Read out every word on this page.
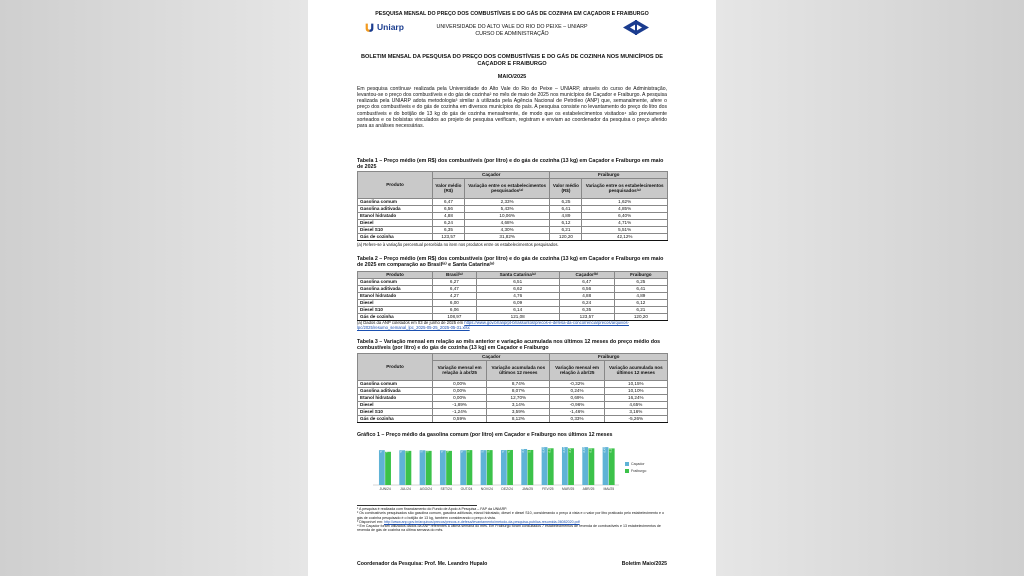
Uniarp
PESQUISA MENSAL DO PREÇO DOS COMBUSTÍVEIS E DO GÁS DE COZINHA EM CAÇADOR E FRAIBURGO
UNIVERSIDADE DO ALTO VALE DO RIO DO PEIXE – UNIARP
CURSO DE ADMINISTRAÇÃO
BOLETIM MENSAL DA PESQUISA DO PREÇO DOS COMBUSTÍVEIS E DO GÁS DE COZINHA NOS MUNICÍPIOS DE CAÇADOR E FRAIBURGO
MAIO/2025
Em pesquisa contínua¹ realizada pela Universidade do Alto Vale do Rio do Peixe – UNIARP, através do curso de Administração, levantou-se o preço dos combustíveis e do gás de cozinha² no mês de maio de 2025 nos municípios de Caçador e Fraiburgo. A pesquisa realizada pela UNIARP adota metodologia³ similar à utilizada pela Agência Nacional de Petróleo (ANP) que, semanalmente, afere o preço dos combustíveis e do gás de cozinha em diversos municípios do país. A pesquisa consiste no levantamento do preço do litro dos combustíveis e do botijão de 13 kg do gás de cozinha mensalmente, de modo que os estabelecimentos visitados⁴ são previamente sorteados e os bolsistas vinculados ao projeto de pesquisa verificam, registram e enviam ao coordenador da pesquisa o preço aferido para as análises necessárias.
Tabela 1 – Preço médio (em R$) dos combustíveis (por litro) e do gás de cozinha (13 kg) em Caçador e Fraiburgo em maio de 2025
Produto	Caçador		Fraiburgo	
	Valor médio (R$)	Variação entre os estabelecimentos pesquisados⁽ᵃ⁾	Valor médio (R$)	Variação entre os estabelecimentos pesquisados⁽ᵃ⁾
Gasolina comum	6,47	2,33%	6,25	1,62%
Gasolina aditivada	6,56	5,43%	6,41	4,85%
Etanol hidratado	4,88	10,06%	4,89	6,40%
Diesel	6,24	4,68%	6,12	4,71%
Diesel S10	6,35	4,30%	6,21	5,51%
Gás de cozinha	123,57	31,82%	120,20	42,12%
(a) Refere-se à variação percentual percebida no item nos produtos entre os estabelecimentos pesquisados.
Tabela 2 – Preço médio (em R$) dos combustíveis (por litro) e do gás de cozinha (13 kg) em Caçador e Fraiburgo em maio de 2025 em comparação ao Brasil⁽ᵃ⁾ e Santa Catarina⁽ᵃ⁾
Produto	Brasil⁽ᵃ⁾	Santa Catarina⁽ᵃ⁾	Caçador⁽ᵇ⁾	Fraiburgo
Gasolina comum	6,27	6,51	6,47	6,25
Gasolina aditivada	6,47	6,62	6,56	6,41
Etanol hidratado	4,27	4,76	4,88	4,89
Diesel	6,00	6,09	6,24	6,12
Diesel S10	6,06	6,14	6,35	6,21
Gás de cozinha	108,97	121,08	123,57	120,20
(a) Dados da ANP coletados em 03 de junho de 2025 em https://www.gov.br/anp/pt-br/assuntos/precos-e-defesa-da-concorrencia/precos/arquivos-lpc/2025/resumo_semanal_lpc_2025-05-25_2025-05-31.xlsx
Tabela 3 – Variação mensal em relação ao mês anterior e variação acumulada nos últimos 12 meses do preço médio dos combustíveis (por litro) e do gás de cozinha (13 kg) em Caçador e Fraiburgo
Produto	Caçador		Fraiburgo	
	Variação mensal em relação à abr/25	Variação acumulada nos últimos 12 meses	Variação mensal em relação à abr/25	Variação acumulada nos últimos 12 meses
Gasolina comum	0,00%	8,74%	-0,32%	10,15%
Gasolina aditivada	0,00%	8,07%	0,24%	10,10%
Etanol hidratado	0,00%	12,70%	0,69%	16,24%
Diesel	-1,89%	3,14%	-0,96%	4,65%
Diesel S10	-1,24%	3,59%	-1,46%	3,16%
Gás de cozinha	0,59%	8,12%	0,33%	-5,26%
Gráfico 1 – Preço médio da gasolina comum (por litro) em Caçador e Fraiburgo nos últimos 12 meses
5,95 5,67
JUN/24
5,93 5,83
JUL/24
5,93 5,83
AGO/24
5,93 5,83
SET/24
5,93 5,96
OUT/24
5,95 5,96
NOV/24
5,96 5,98
DEZ/24
6,15 5,98
JAN/25
6,47 6,27
FEV/25
6,47 6,27
MAR/25
6,47 6,27
ABR/25
6,47 6,25
MAI/25
Caçador
Fraiburgo
¹ A pesquisa é realizada com financiamento do Fundo de Apoio à Pesquisa – FAP da UNIARP.
² Os combustíveis pesquisados são gasolina comum, gasolina aditivada, etanol hidratado, diesel e diesel S10, considerando o preço à vista e o valor por litro praticado pelo estabelecimento e o gás de cozinha pesquisado é o botijão de 13 kg, também considerando o preço à vista.
³ Disponível em: http://www.anp.gov.br/arquivos/precos/precos-e-defesa/levantamento/metodo-da-pesquisa-publica-resumida-06082020.pdf
⁴ Em Caçador foram utilizados dados da ANP referentes à última semana do mês. Em Fraiburgo foram consultados 7 estabelecimentos de revenda de combustíveis e 13 estabelecimentos de revenda de gás de cozinha na última semana do mês.
Coordenador da Pesquisa: Prof. Me. Leandro Hupalo	Boletim Maio/2025
